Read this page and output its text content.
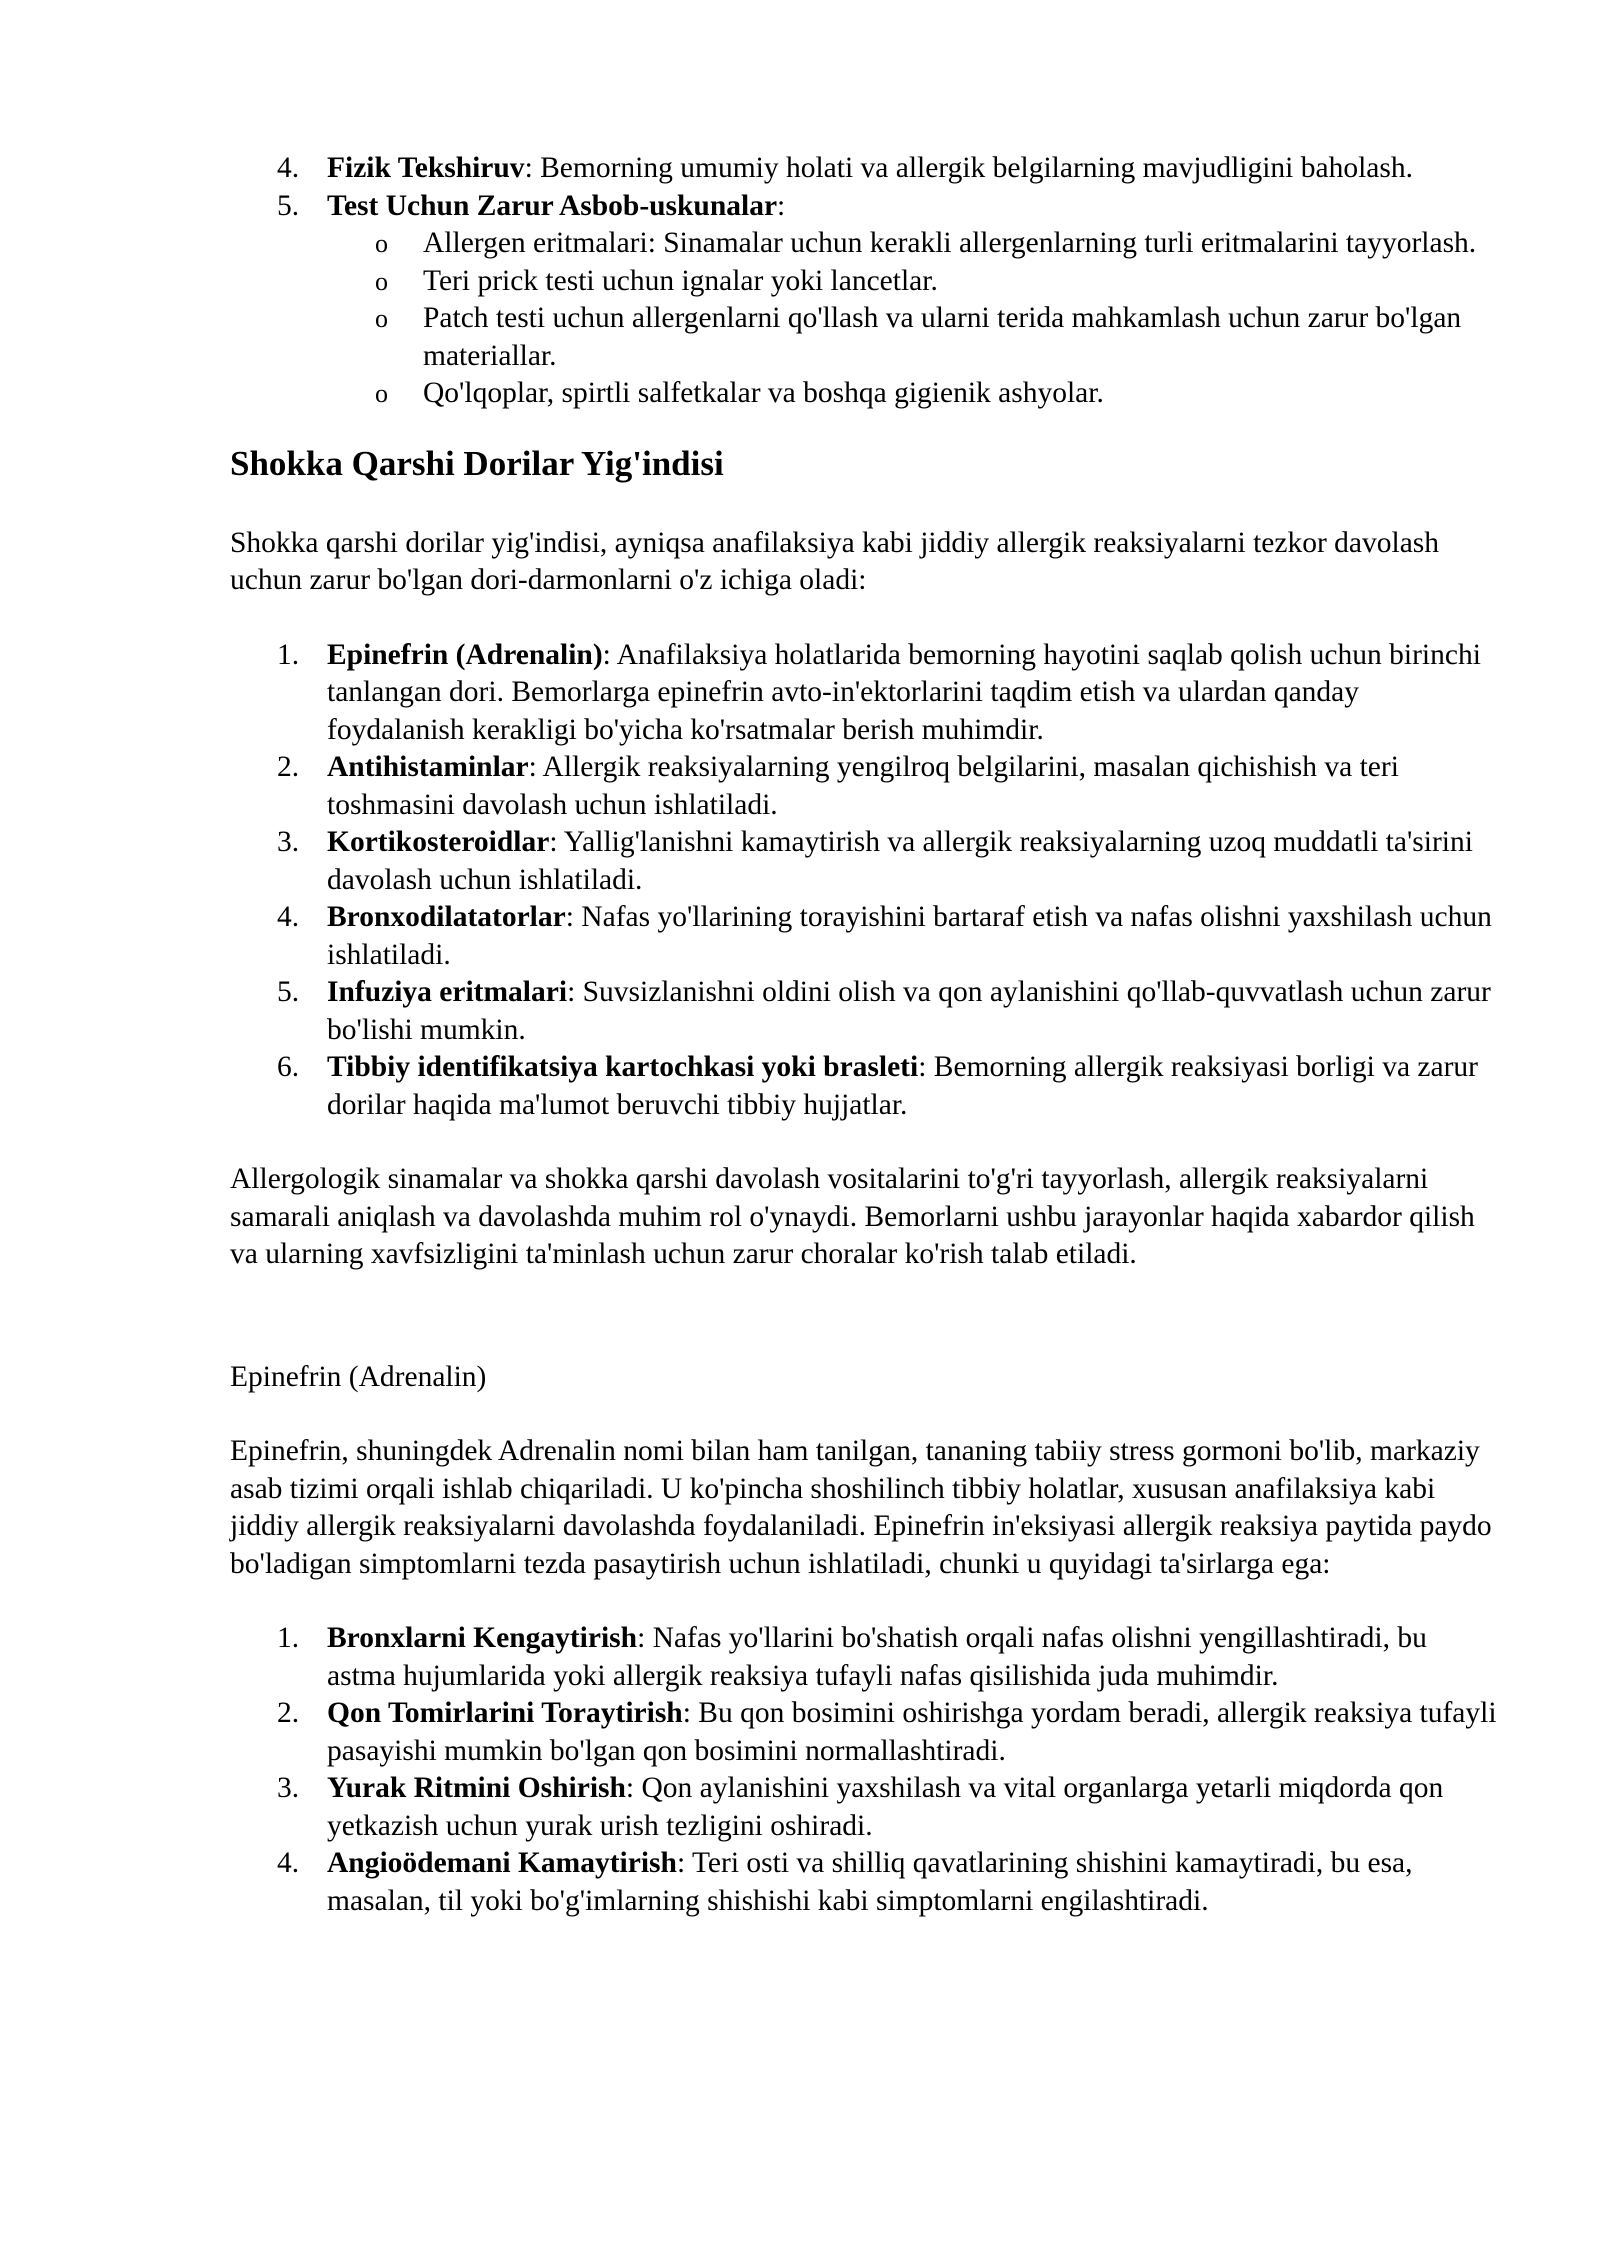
4. Fizik Tekshiruv: Bemorning umumiy holati va allergik belgilarning mavjudligini baholash.
5. Test Uchun Zarur Asbob-uskunalar:
o Allergen eritmalari: Sinamalar uchun kerakli allergenlarning turli eritmalarini tayyorlash.
o Teri prick testi uchun ignalar yoki lancetlar.
o Patch testi uchun allergenlarni qo'llash va ularni terida mahkamlash uchun zarur bo'lgan materiallar.
o Qo'lqoplar, spirtli salfetkalar va boshqa gigienik ashyolar.
Shokka Qarshi Dorilar Yig'indisi

Shokka qarshi dorilar yig'indisi, ayniqsa anafilaksiya kabi jiddiy allergik reaksiyalarni tezkor davolash uchun zarur bo'lgan dori-darmonlarni o'z ichiga oladi:

1. Epinefrin (Adrenalin): Anafilaksiya holatlarida bemorning hayotini saqlab qolish uchun birinchi tanlangan dori. Bemorlarga epinefrin avto-in'ektorlarini taqdim etish va ulardan qanday foydalanish kerakligi bo'yicha ko'rsatmalar berish muhimdir.
2. Antihistaminlar: Allergik reaksiyalarning yengilroq belgilarini, masalan qichishish va teri toshmasini davolash uchun ishlatiladi.
3. Kortikosteroidlar: Yallig'lanishni kamaytirish va allergik reaksiyalarning uzoq muddatli ta'sirini davolash uchun ishlatiladi.
4. Bronxodilatatorlar: Nafas yo'llarining torayishini bartaraf etish va nafas olishni yaxshilash uchun ishlatiladi.
5. Infuziya eritmalari: Suvsizlanishni oldini olish va qon aylanishini qo'llab-quvvatlash uchun zarur bo'lishi mumkin.
6. Tibbiy identifikatsiya kartochkasi yoki brasleti: Bemorning allergik reaksiyasi borligi va zarur dorilar haqida ma'lumot beruvchi tibbiy hujjatlar.

Allergologik sinamalar va shokka qarshi davolash vositalarini to'g'ri tayyorlash, allergik reaksiyalarni samarali aniqlash va davolashda muhim rol o'ynaydi. Bemorlarni ushbu jarayonlar haqida xabardor qilish va ularning xavfsizligini ta'minlash uchun zarur choralar ko'rish talab etiladi.

Epinefrin (Adrenalin)

Epinefrin, shuningdek Adrenalin nomi bilan ham tanilgan, tananing tabiiy stress gormoni bo'lib, markaziy asab tizimi orqali ishlab chiqariladi. U ko'pincha shoshilinch tibbiy holatlar, xususan anafilaksiya kabi jiddiy allergik reaksiyalarni davolashda foydalaniladi. Epinefrin in'eksiyasi allergik reaksiya paytida paydo bo'ladigan simptomlarni tezda pasaytirish uchun ishlatiladi, chunki u quyidagi ta'sirlarga ega:

1. Bronxlarni Kengaytirish: Nafas yo'llarini bo'shatish orqali nafas olishni yengillashtiradi, bu astma hujumlarida yoki allergik reaksiya tufayli nafas qisilishida juda muhimdir.
2. Qon Tomirlarini Toraytirish: Bu qon bosimini oshirishga yordam beradi, allergik reaksiya tufayli pasayishi mumkin bo'lgan qon bosimini normallashtiradi.
3. Yurak Ritmini Oshirish: Qon aylanishini yaxshilash va vital organlarga yetarli miqdorda qon yetkazish uchun yurak urish tezligini oshiradi.
4. Angioödemani Kamaytirish: Teri osti va shilliq qavatlarining shishini kamaytiradi, bu esa, masalan, til yoki bo'g'imlarning shishishi kabi simptomlarni engilashtiradi.
